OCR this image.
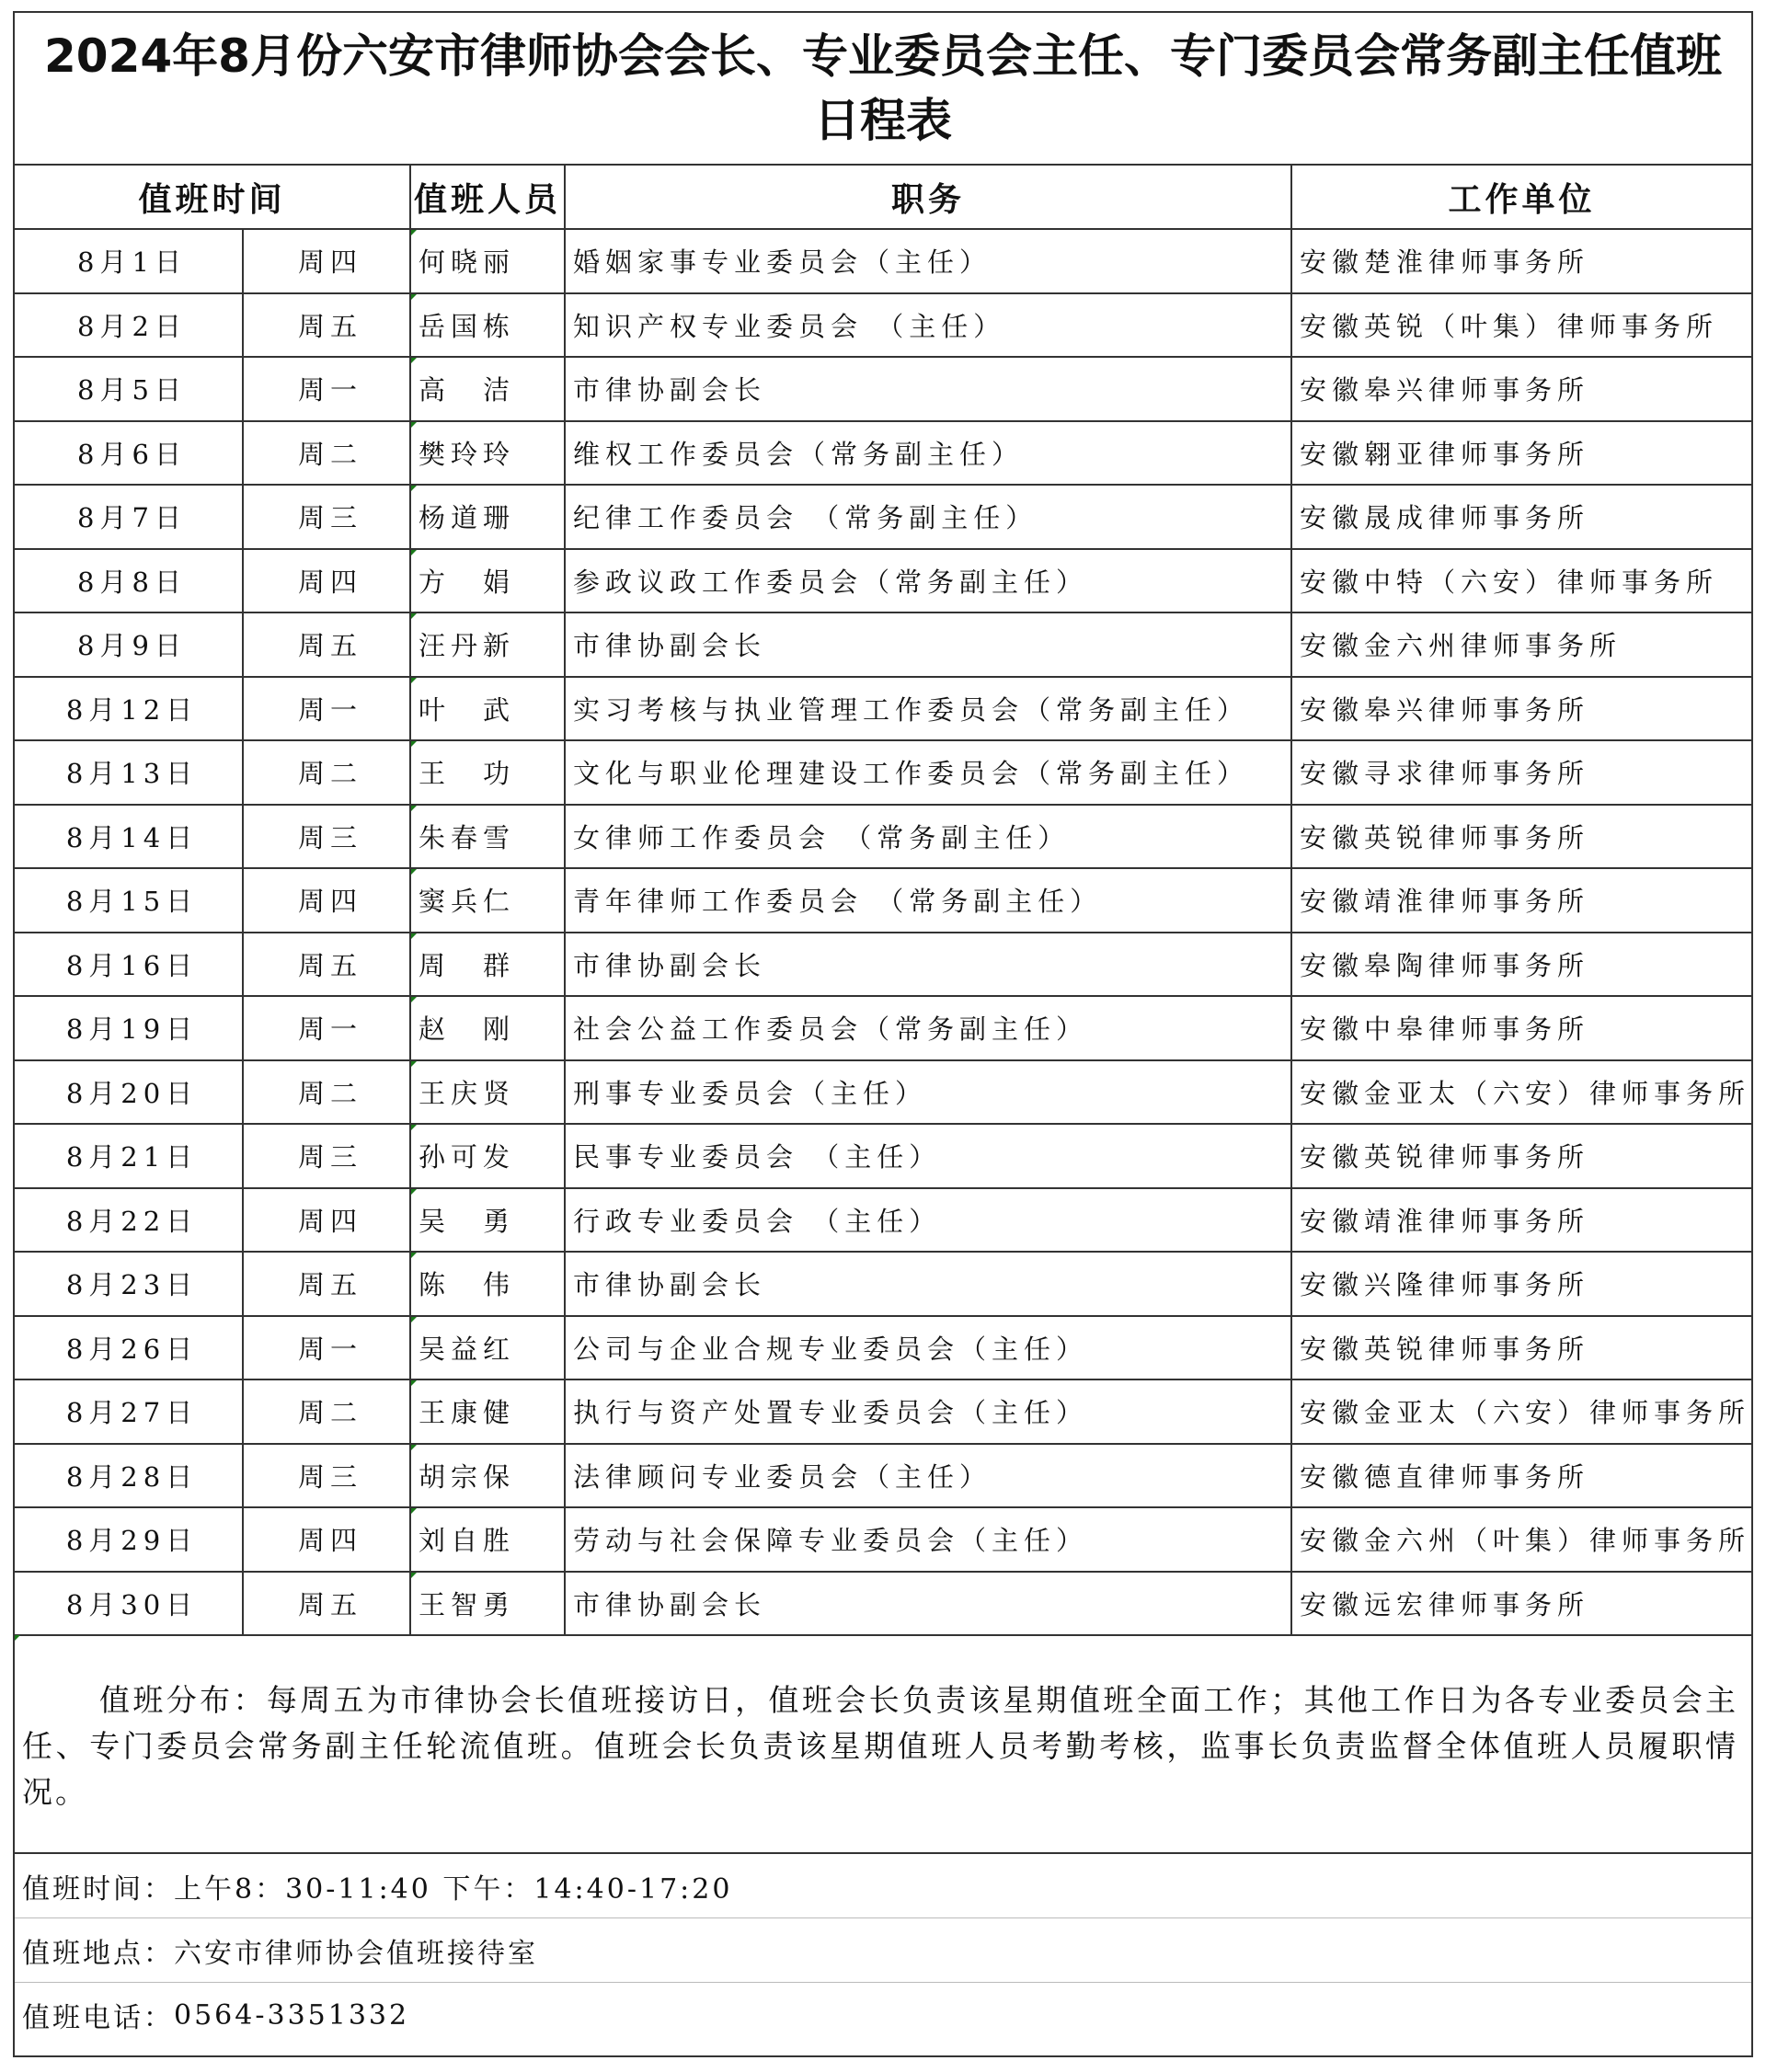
2024年8月份六安市律师协会会长、专业委员会主任、专门委员会常务副主任值班日程表
值班时间		值班人员	职务	工作单位
8月1日	周四	何晓丽	婚姻家事专业委员会（主任）	安徽楚淮律师事务所
8月2日	周五	岳国栋	知识产权专业委员会 （主任）	安徽英锐（叶集）律师事务所
8月5日	周一	高　洁	市律协副会长	安徽皋兴律师事务所
8月6日	周二	樊玲玲	维权工作委员会（常务副主任）	安徽翱亚律师事务所
8月7日	周三	杨道珊	纪律工作委员会 （常务副主任）	安徽晟成律师事务所
8月8日	周四	方　娟	参政议政工作委员会（常务副主任）	安徽中特（六安）律师事务所
8月9日	周五	汪丹新	市律协副会长	安徽金六州律师事务所
8月12日	周一	叶　武	实习考核与执业管理工作委员会（常务副主任）	安徽皋兴律师事务所
8月13日	周二	王　功	文化与职业伦理建设工作委员会（常务副主任）	安徽寻求律师事务所
8月14日	周三	朱春雪	女律师工作委员会 （常务副主任）	安徽英锐律师事务所
8月15日	周四	窦兵仁	青年律师工作委员会 （常务副主任）	安徽靖淮律师事务所
8月16日	周五	周　群	市律协副会长	安徽皋陶律师事务所
8月19日	周一	赵　刚	社会公益工作委员会（常务副主任）	安徽中皋律师事务所
8月20日	周二	王庆贤	刑事专业委员会（主任）	安徽金亚太（六安）律师事务所
8月21日	周三	孙可发	民事专业委员会 （主任）	安徽英锐律师事务所
8月22日	周四	吴　勇	行政专业委员会 （主任）	安徽靖淮律师事务所
8月23日	周五	陈　伟	市律协副会长	安徽兴隆律师事务所
8月26日	周一	吴益红	公司与企业合规专业委员会（主任）	安徽英锐律师事务所
8月27日	周二	王康健	执行与资产处置专业委员会（主任）	安徽金亚太（六安）律师事务所
8月28日	周三	胡宗保	法律顾问专业委员会（主任）	安徽德直律师事务所
8月29日	周四	刘自胜	劳动与社会保障专业委员会（主任）	安徽金六州（叶集）律师事务所
8月30日	周五	王智勇	市律协副会长	安徽远宏律师事务所
值班分布：每周五为市律协会长值班接访日，值班会长负责该星期值班全面工作；其他工作日为各专业委员会主任、专门委员会常务副主任轮流值班。值班会长负责该星期值班人员考勤考核，监事长负责监督全体值班人员履职情况。
值班时间： 上午8：30-11:40 下午：14:40-17:20
值班地点： 六安市律师协会值班接待室
值班电话： 0564-3351332
